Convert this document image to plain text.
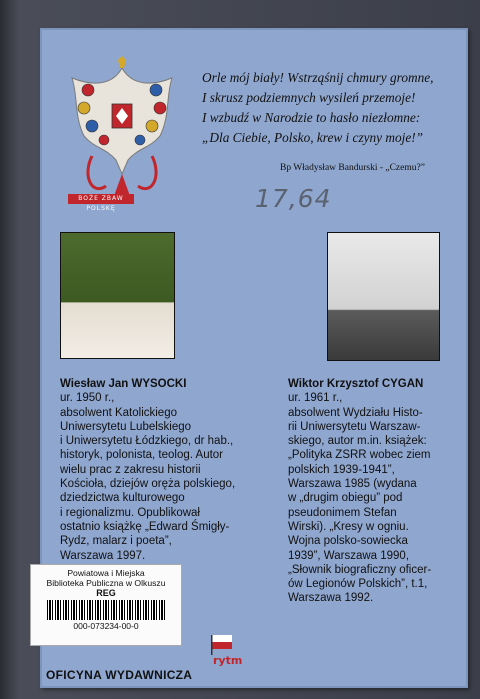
BOŻE ZBAW POLSKĘ

Orle mój biały! Wstrząśnij chmury gromne,

I skrusz podziemnych wysileń przemoje!

I wzbudź w Narodzie to hasło niezłomne:

„Dla Ciebie, Polsko, krew i czyny moje!”

Bp Władysław Bandurski - „Czemu?”
17,64
Wiesław Jan WYSOCKI
ur. 1950 r.,
absolwent Katolickiego
Uniwersytetu Lubelskiego
i Uniwersytetu Łódzkiego, dr hab.,
historyk, polonista, teolog. Autor
wielu prac z zakresu historii
Kościoła, dziejów oręża polskiego,
dziedzictwa kulturowego
i regionalizmu. Opublikował
ostatnio książkę „Edward Śmigły-
Rydz, malarz i poeta”,
Warszawa 1997.
Wiktor Krzysztof CYGAN
ur. 1961 r.,
absolwent Wydziału Histo-
rii Uniwersytetu Warszaw-
skiego, autor m.in. książek:
„Polityka ZSRR wobec ziem
polskich 1939-1941”,
Warszawa 1985 (wydana
w „drugim obiegu” pod
pseudonimem Stefan
Wirski). „Kresy w ogniu.
Wojna polsko-sowiecka
1939”, Warszawa 1990,
„Słownik biograficzny oficer-
ów Legionów Polskich”, t.1,
Warszawa 1992.
Powiatowa i Miejska
Biblioteka Publiczna w Olkuszu
REG
000-073234-00-0
OFICYNA WYDAWNICZA
rytm
